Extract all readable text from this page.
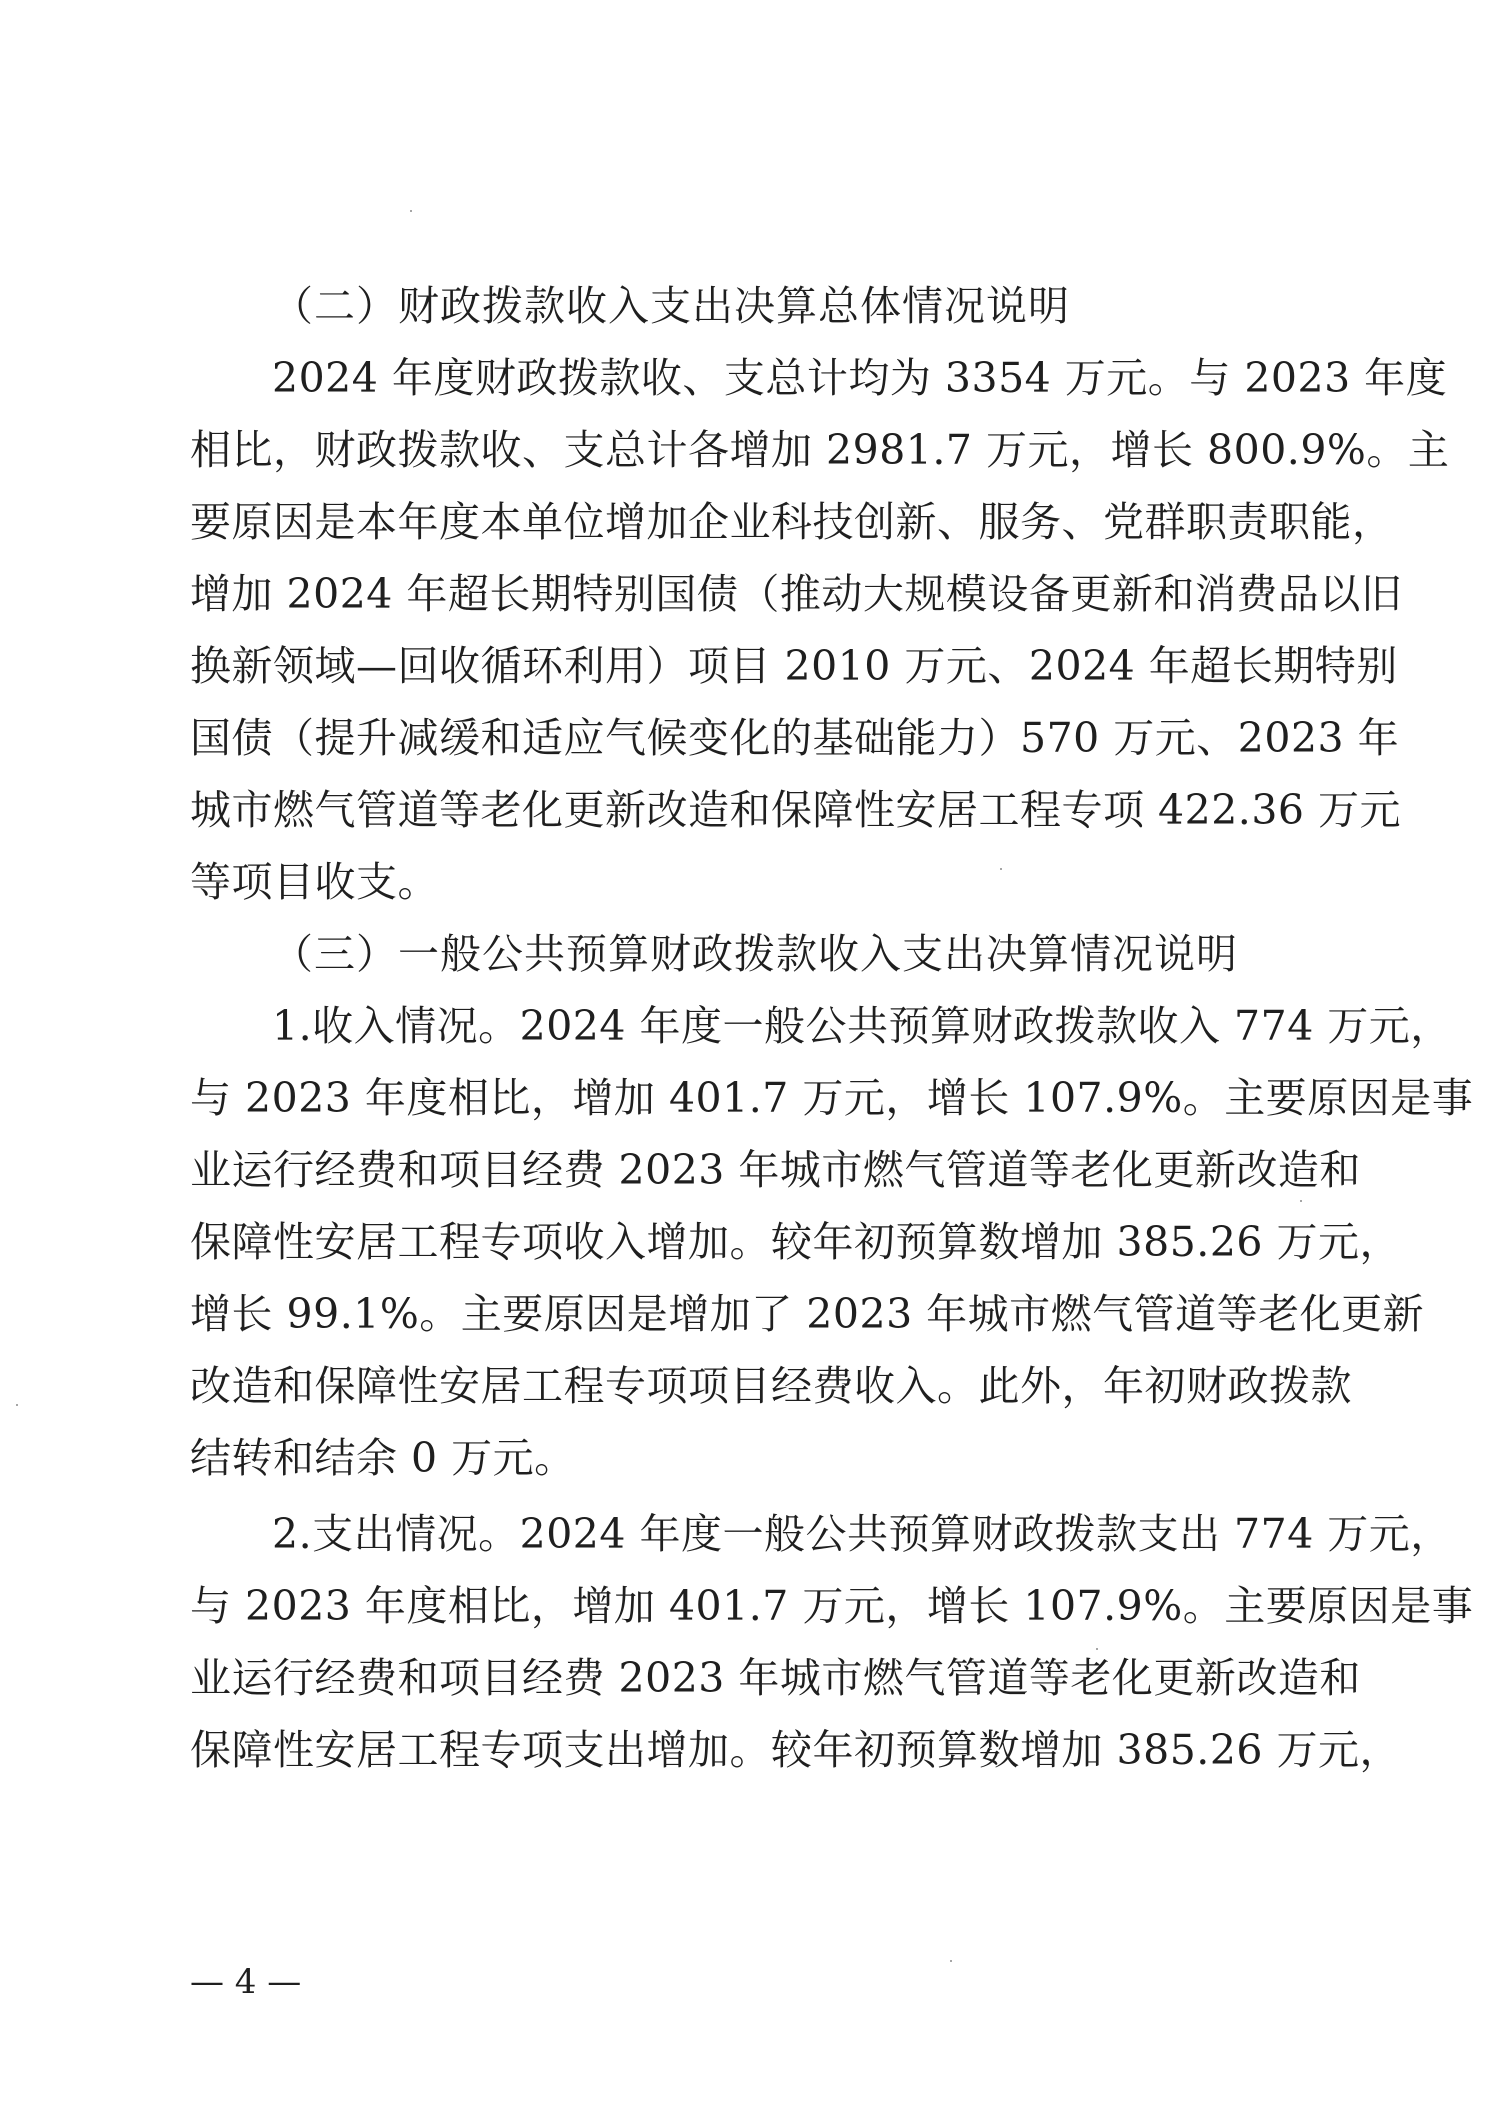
（二）财政拨款收入支出决算总体情况说明
2024 年度财政拨款收、支总计均为 3354 万元。与 2023 年度
相比，财政拨款收、支总计各增加 2981.7 万元，增长 800.9%。主
要原因是本年度本单位增加企业科技创新、服务、党群职责职能，
增加 2024 年超长期特别国债（推动大规模设备更新和消费品以旧
换新领域—回收循环利用）项目 2010 万元、2024 年超长期特别
国债（提升减缓和适应气候变化的基础能力）570 万元、2023 年
城市燃气管道等老化更新改造和保障性安居工程专项 422.36 万元
等项目收支。
（三）一般公共预算财政拨款收入支出决算情况说明
1.收入情况。2024 年度一般公共预算财政拨款收入 774 万元，
与 2023 年度相比，增加 401.7 万元，增长 107.9%。主要原因是事
业运行经费和项目经费 2023 年城市燃气管道等老化更新改造和
保障性安居工程专项收入增加。较年初预算数增加 385.26 万元，
增长 99.1%。主要原因是增加了 2023 年城市燃气管道等老化更新
改造和保障性安居工程专项项目经费收入。此外，年初财政拨款
结转和结余 0 万元。
2.支出情况。2024 年度一般公共预算财政拨款支出 774 万元，
与 2023 年度相比，增加 401.7 万元，增长 107.9%。主要原因是事
业运行经费和项目经费 2023 年城市燃气管道等老化更新改造和
保障性安居工程专项支出增加。较年初预算数增加 385.26 万元，
— 4 —
